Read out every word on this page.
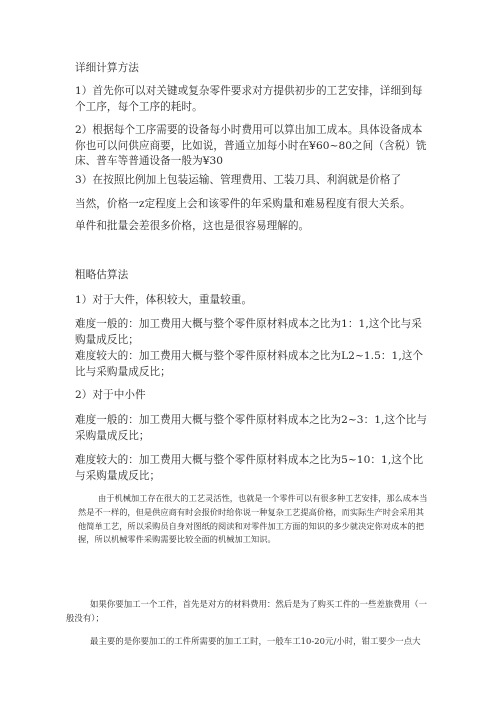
详细计算方法

1）首先你可以对关键或复杂零件要求对方提供初步的工艺安排，详细到每个工序，每个工序的耗时。

2）根据每个工序需要的设备每小时费用可以算出加工成本。具体设备成本你也可以问供应商要，比如说，普通立加每小时在¥60~80之间（含税）铣床、普车等普通设备一般为¥30

3）在按照比例加上包装运输、管理费用、工装刀具、利润就是价格了

当然，价格一z定程度上会和该零件的年采购量和难易程度有很大关系。

单件和批量会差很多价格，这也是很容易理解的。

粗略估算法

1）对于大件，体积较大，重量较重。

难度一般的：加工费用大概与整个零件原材料成本之比为1：1,这个比与采购量成反比；

难度较大的：加工费用大概与整个零件原材料成本之比为L2~1.5：1,这个比与采购量成反比；

2）对于中小件

难度一般的：加工费用大概与整个零件原材料成本之比为2~3：1,这个比与采购量成反比；

难度较大的：加工费用大概与整个零件原材料成本之比为5~10：1,这个比与采购量成反比；

由于机械加工存在很大的工艺灵活性，也就是一个零件可以有很多种工艺安排，那么成本当然是不一样的，但是供应商有时会报价时给你说一种复杂工艺提高价格，而实际生产时会采用其他简单工艺，所以采购员自身对图纸的阅读和对零件加工方面的知识的多少就决定你对成本的把握，所以机械零件采购需要比较全面的机械加工知识。

如果你要加工一个工件，首先是对方的材料费用：然后是为了购买工件的一些差旅费用（一般没有）；

最主要的是你要加工的工件所需要的加工工时，一般车工10-20元/小时，钳工要少一点大
